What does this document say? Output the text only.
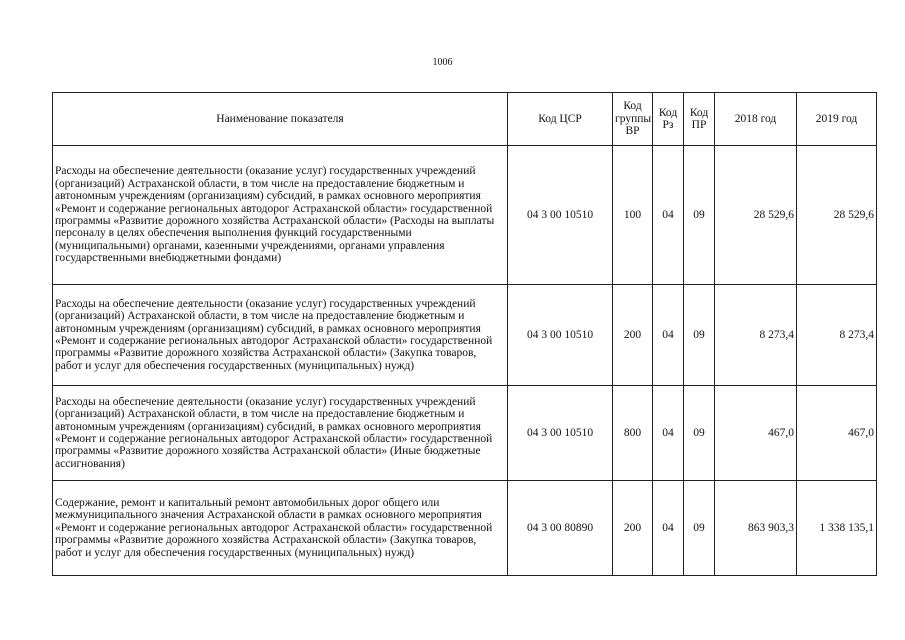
1006
Наименование показателя	Код ЦСР	Код группы ВР	Код Рз	Код ПР	2018 год	2019 год
Расходы на обеспечение деятельности (оказание услуг) государственных учреждений (организаций) Астраханской области, в том числе на предоставление бюджетным и автономным учреждениям (организациям) субсидий, в рамках основного мероприятия «Ремонт и содержание региональных автодорог Астраханской области» государственной программы «Развитие дорожного хозяйства Астраханской области» (Расходы на выплаты персоналу в целях обеспечения выполнения функций государственными (муниципальными) органами, казенными учреждениями, органами управления государственными внебюджетными фондами)	04 3 00 10510	100	04	09	28 529,6	28 529,6
Расходы на обеспечение деятельности (оказание услуг) государственных учреждений (организаций) Астраханской области, в том числе на предоставление бюджетным и автономным учреждениям (организациям) субсидий, в рамках основного мероприятия «Ремонт и содержание региональных автодорог Астраханской области» государственной программы «Развитие дорожного хозяйства Астраханской области» (Закупка товаров, работ и услуг для обеспечения государственных (муниципальных) нужд)	04 3 00 10510	200	04	09	8 273,4	8 273,4
Расходы на обеспечение деятельности (оказание услуг) государственных учреждений (организаций) Астраханской области, в том числе на предоставление бюджетным и автономным учреждениям (организациям) субсидий, в рамках основного мероприятия «Ремонт и содержание региональных автодорог Астраханской области» государственной программы «Развитие дорожного хозяйства Астраханской области» (Иные бюджетные ассигнования)	04 3 00 10510	800	04	09	467,0	467,0
Содержание, ремонт и капитальный ремонт автомобильных дорог общего или межмуниципального значения Астраханской области в рамках основного мероприятия «Ремонт и содержание региональных автодорог Астраханской области» государственной программы «Развитие дорожного хозяйства Астраханской области» (Закупка товаров, работ и услуг для обеспечения государственных (муниципальных) нужд)	04 3 00 80890	200	04	09	863 903,3	1 338 135,1
